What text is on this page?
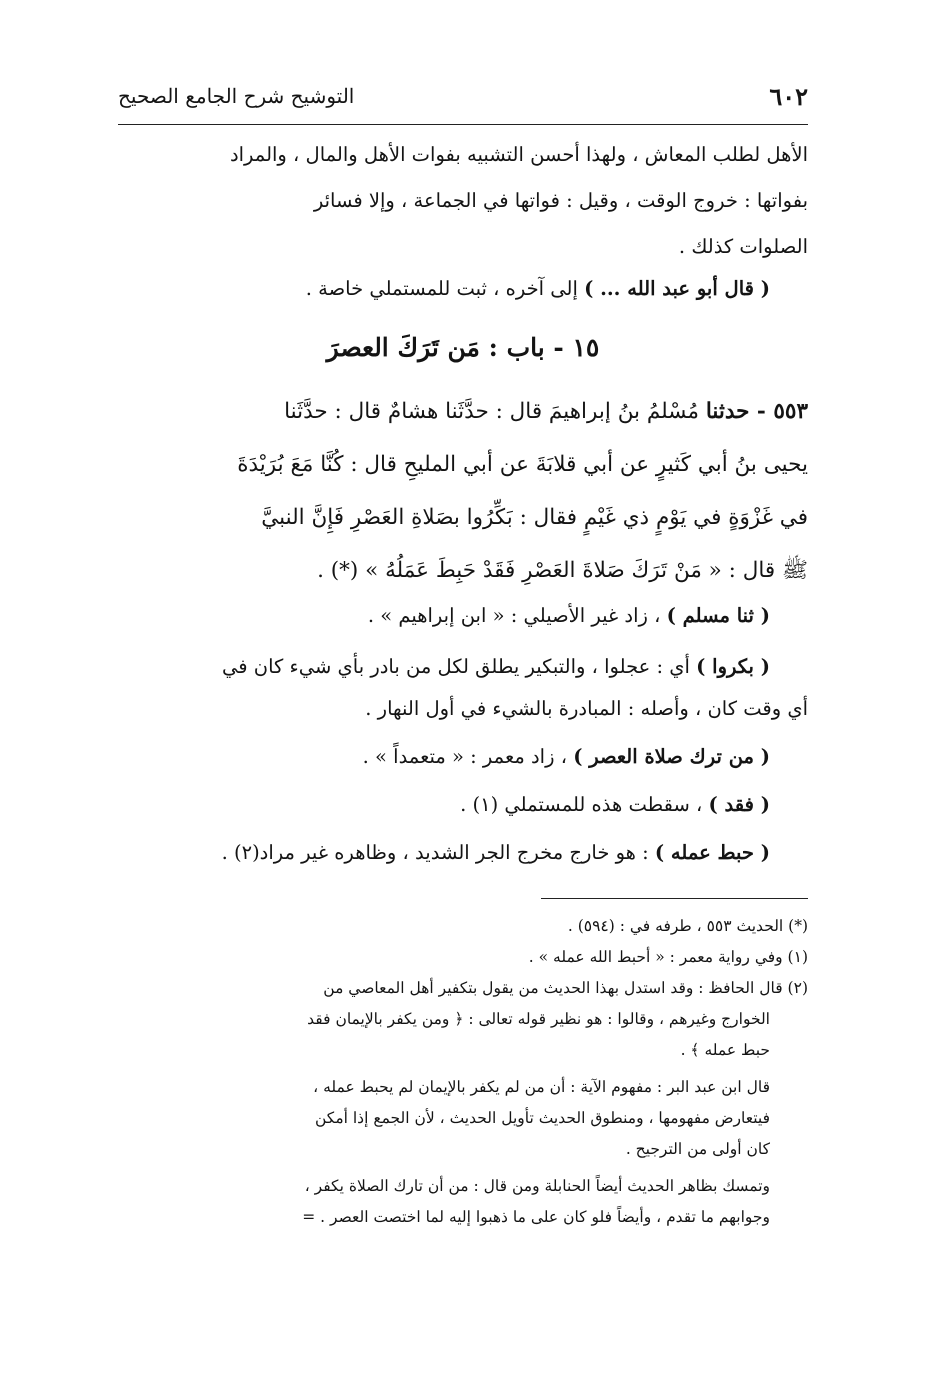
٦٠٢
التوشيح شرح الجامع الصحيح
الأهل لطلب المعاش ، ولهذا أحسن التشبيه بفوات الأهل والمال ، والمراد
بفواتها : خروج الوقت ، وقيل : فواتها في الجماعة ، وإلا فسائر
الصلوات كذلك .
( قال أبو عبد الله ... ) إلى آخره ، ثبت للمستملي خاصة .
١٥ - باب : مَن تَرَكَ العصرَ
٥٥٣ - حدثنا مُسْلمُ بنُ إبراهيمَ قال : حدَّثَنا هشامٌ قال : حدَّثَنا
يحيى بنُ أبي كَثيرٍ عن أبي قلابَةَ عن أبي المليحِ قال : كُنَّا مَعَ بُرَيْدَةَ
في غَزْوَةٍ في يَوْمٍ ذي غَيْمٍ فقال : بَكِّرُوا بصَلاةِ العَصْرِ فَإِنَّ النبيَّ
ﷺ قال : « مَنْ تَرَكَ صَلاةَ العَصْرِ فَقَدْ حَبِطَ عَمَلُهُ » (*) .
( ثنا مسلم ) ، زاد غير الأصيلي : « ابن إبراهيم » .
( بكروا ) أي : عجلوا ، والتبكير يطلق لكل من بادر بأي شيء كان في
أي وقت كان ، وأصله : المبادرة بالشيء في أول النهار .
( من ترك صلاة العصر ) ، زاد معمر : « متعمداً » .
( فقد ) ، سقطت هذه للمستملي (١) .
( حبط عمله ) : هو خارج مخرج الجر الشديد ، وظاهره غير مراد(٢) .
(*) الحديث ٥٥٣ ، طرفه في : (٥٩٤) .
(١) وفي رواية معمر : « أحبط الله عمله » .
(٢) قال الحافظ : وقد استدل بهذا الحديث من يقول بتكفير أهل المعاصي من
الخوارج وغيرهم ، وقالوا : هو نظير قوله تعالى : ﴿ ومن يكفر بالإيمان فقد
حبط عمله ﴾ .
قال ابن عبد البر : مفهوم الآية : أن من لم يكفر بالإيمان لم يحبط عمله ،
فيتعارض مفهومها ، ومنطوق الحديث تأويل الحديث ، لأن الجمع إذا أمكن
كان أولى من الترجيح .
وتمسك بظاهر الحديث أيضاً الحنابلة ومن قال : من أن تارك الصلاة يكفر ،
وجوابهم ما تقدم ، وأيضاً فلو كان على ما ذهبوا إليه لما اختصت العصر . =
